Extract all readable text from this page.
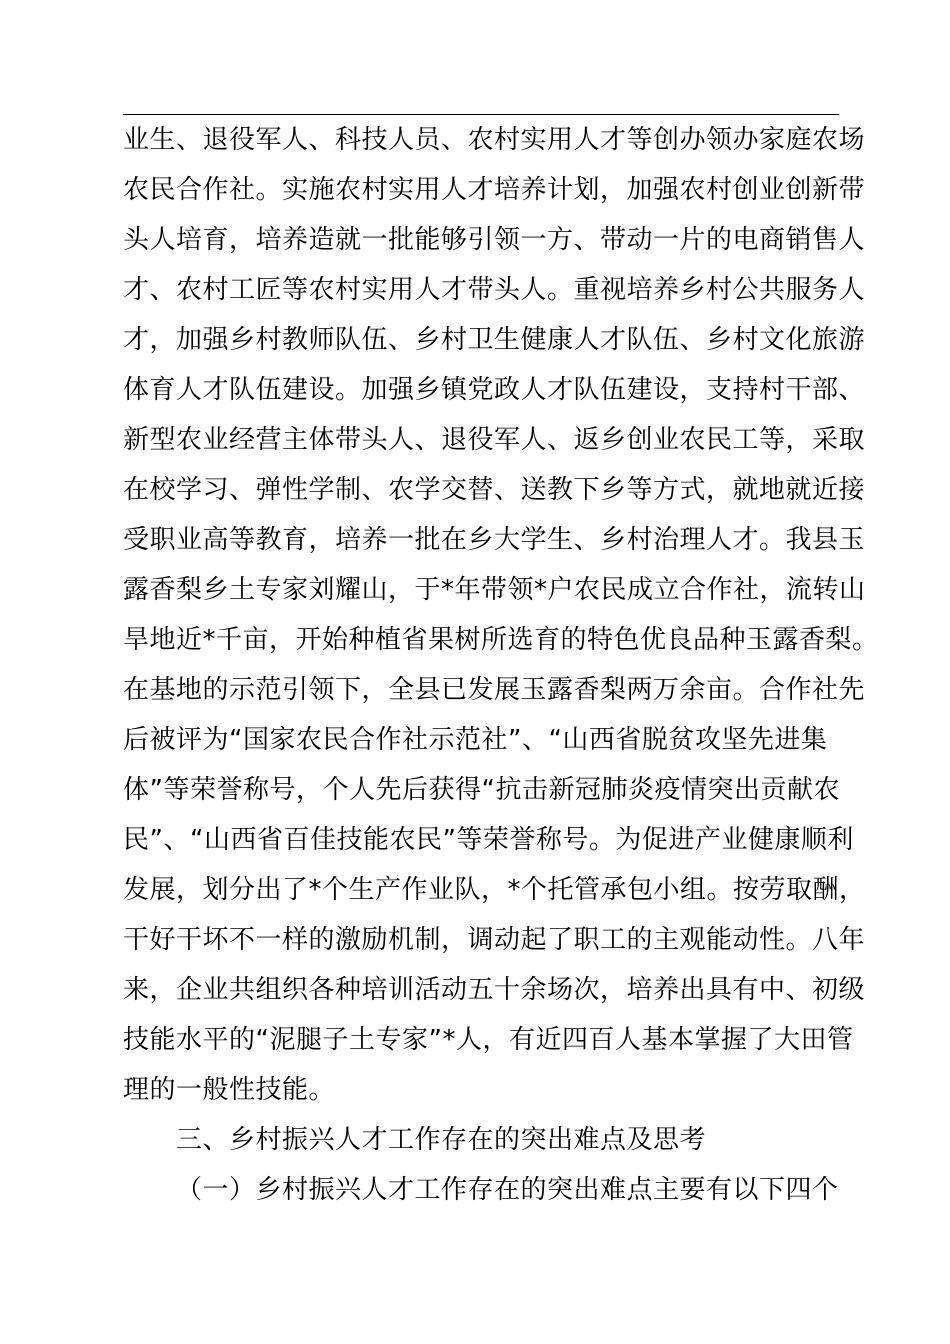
业生、退役军人、科技人员、农村实用人才等创办领办家庭农场
农民合作社。实施农村实用人才培养计划，加强农村创业创新带
头人培育，培养造就一批能够引领一方、带动一片的电商销售人
才、农村工匠等农村实用人才带头人。重视培养乡村公共服务人
才，加强乡村教师队伍、乡村卫生健康人才队伍、乡村文化旅游
体育人才队伍建设。加强乡镇党政人才队伍建设，支持村干部、
新型农业经营主体带头人、退役军人、返乡创业农民工等，采取
在校学习、弹性学制、农学交替、送教下乡等方式，就地就近接
受职业高等教育，培养一批在乡大学生、乡村治理人才。我县玉
露香梨乡土专家刘耀山，于*年带领*户农民成立合作社，流转山
旱地近*千亩，开始种植省果树所选育的特色优良品种玉露香梨。
在基地的示范引领下，全县已发展玉露香梨两万余亩。合作社先
后被评为“国家农民合作社示范社”、“山西省脱贫攻坚先进集
体”等荣誉称号，个人先后获得“抗击新冠肺炎疫情突出贡献农
民”、“山西省百佳技能农民”等荣誉称号。为促进产业健康顺利
发展，划分出了*个生产作业队，*个托管承包小组。按劳取酬，
干好干坏不一样的激励机制，调动起了职工的主观能动性。八年
来，企业共组织各种培训活动五十余场次，培养出具有中、初级
技能水平的“泥腿子土专家”*人，有近四百人基本掌握了大田管
理的一般性技能。
三、乡村振兴人才工作存在的突出难点及思考
（一）乡村振兴人才工作存在的突出难点主要有以下四个
